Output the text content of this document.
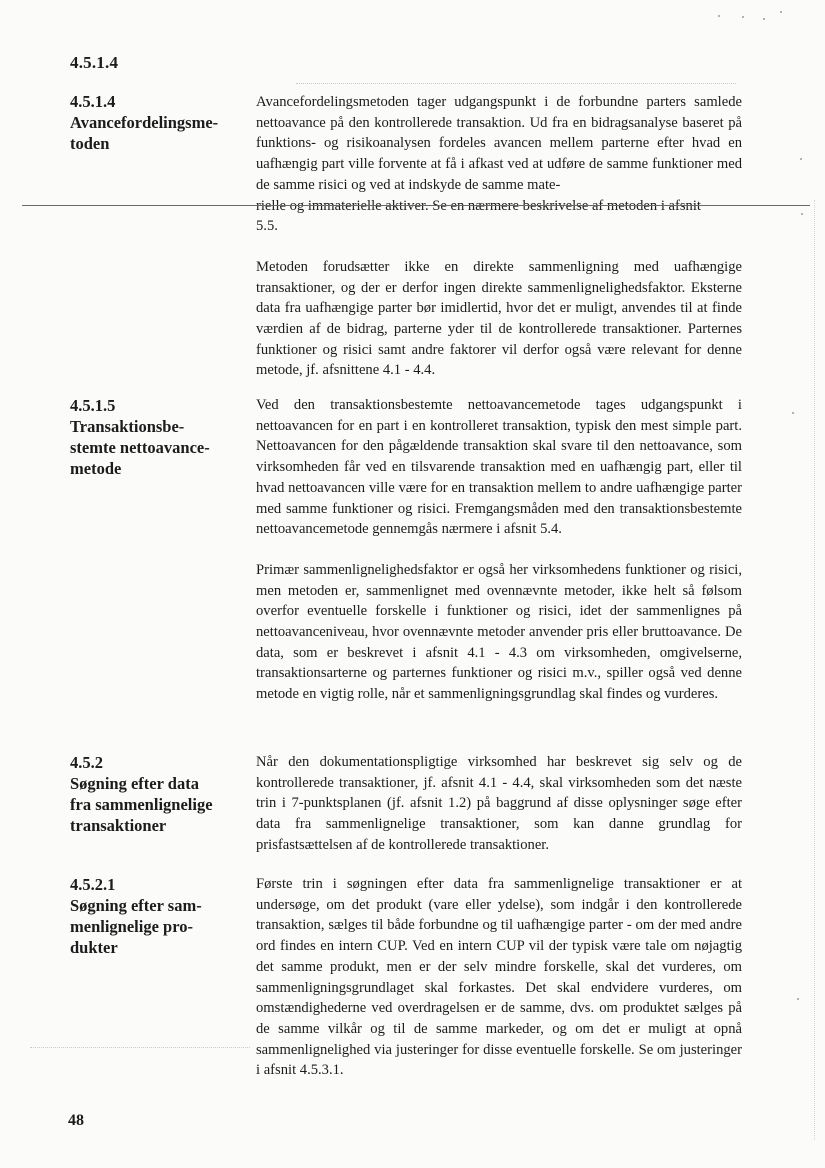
4.5.1.4
4.5.1.4
Avancefordelingsme-
toden

Avancefordelingsmetoden tager udgangspunkt i de forbundne parters samlede nettoavance på den kontrollerede transaktion. Ud fra en bidragsanalyse baseret på funktions- og risikoanalysen fordeles avancen mellem parterne efter hvad en uafhængig part ville forvente at få i afkast ved at udføre de samme funktioner med de samme risici og ved at indskyde de samme mate-

rielle og immaterielle aktiver. Se en nærmere beskrivelse af metoden i afsnit

5.5.

Metoden forudsætter ikke en direkte sammenligning med uafhængige transaktioner, og der er derfor ingen direkte sammenlignelighedsfaktor. Eksterne data fra uafhængige parter bør imidlertid, hvor det er muligt, anvendes til at finde værdien af de bidrag, parterne yder til de kontrollerede transaktioner. Parternes funktioner og risici samt andre faktorer vil derfor også være relevant for denne metode, jf. afsnittene 4.1 - 4.4.

4.5.1.5
Transaktionsbe-
stemte nettoavance-
metode

Ved den transaktionsbestemte nettoavancemetode tages udgangspunkt i nettoavancen for en part i en kontrolleret transaktion, typisk den mest simple part. Nettoavancen for den pågældende transaktion skal svare til den nettoavance, som virksomheden får ved en tilsvarende transaktion med en uafhængig part, eller til hvad nettoavancen ville være for en transaktion mellem to andre uafhængige parter med samme funktioner og risici. Fremgangsmåden med den transaktionsbestemte nettoavancemetode gennemgås nærmere i afsnit 5.4.

Primær sammenlignelighedsfaktor er også her virksomhedens funktioner og risici, men metoden er, sammenlignet med ovennævnte metoder, ikke helt så følsom overfor eventuelle forskelle i funktioner og risici, idet der sammenlignes på nettoavanceniveau, hvor ovennævnte metoder anvender pris eller bruttoavance. De data, som er beskrevet i afsnit 4.1 - 4.3 om virksomheden, omgivelserne, transaktionsarterne og parternes funktioner og risici m.v., spiller også ved denne metode en vigtig rolle, når et sammenligningsgrundlag skal findes og vurderes.

4.5.2
Søgning efter data
fra sammenlignelige
transaktioner

Når den dokumentationspligtige virksomhed har beskrevet sig selv og de kontrollerede transaktioner, jf. afsnit 4.1 - 4.4, skal virksomheden som det næste trin i 7-punktsplanen (jf. afsnit 1.2) på baggrund af disse oplysninger søge efter data fra sammenlignelige transaktioner, som kan danne grundlag for prisfastsættelsen af de kontrollerede transaktioner.

4.5.2.1
Søgning efter sam-
menlignelige pro-
dukter

Første trin i søgningen efter data fra sammenlignelige transaktioner er at undersøge, om det produkt (vare eller ydelse), som indgår i den kontrollerede transaktion, sælges til både forbundne og til uafhængige parter - om der med andre ord findes en intern CUP. Ved en intern CUP vil der typisk være tale om nøjagtig det samme produkt, men er der selv mindre forskelle, skal det vurderes, om sammenligningsgrundlaget skal forkastes. Det skal endvidere vurderes, om omstændighederne ved overdragelsen er de samme, dvs. om produktet sælges på de samme vilkår og til de samme markeder, og om det er muligt at opnå sammenlignelighed via justeringer for disse eventuelle forskelle. Se om justeringer i afsnit 4.5.3.1.

48
